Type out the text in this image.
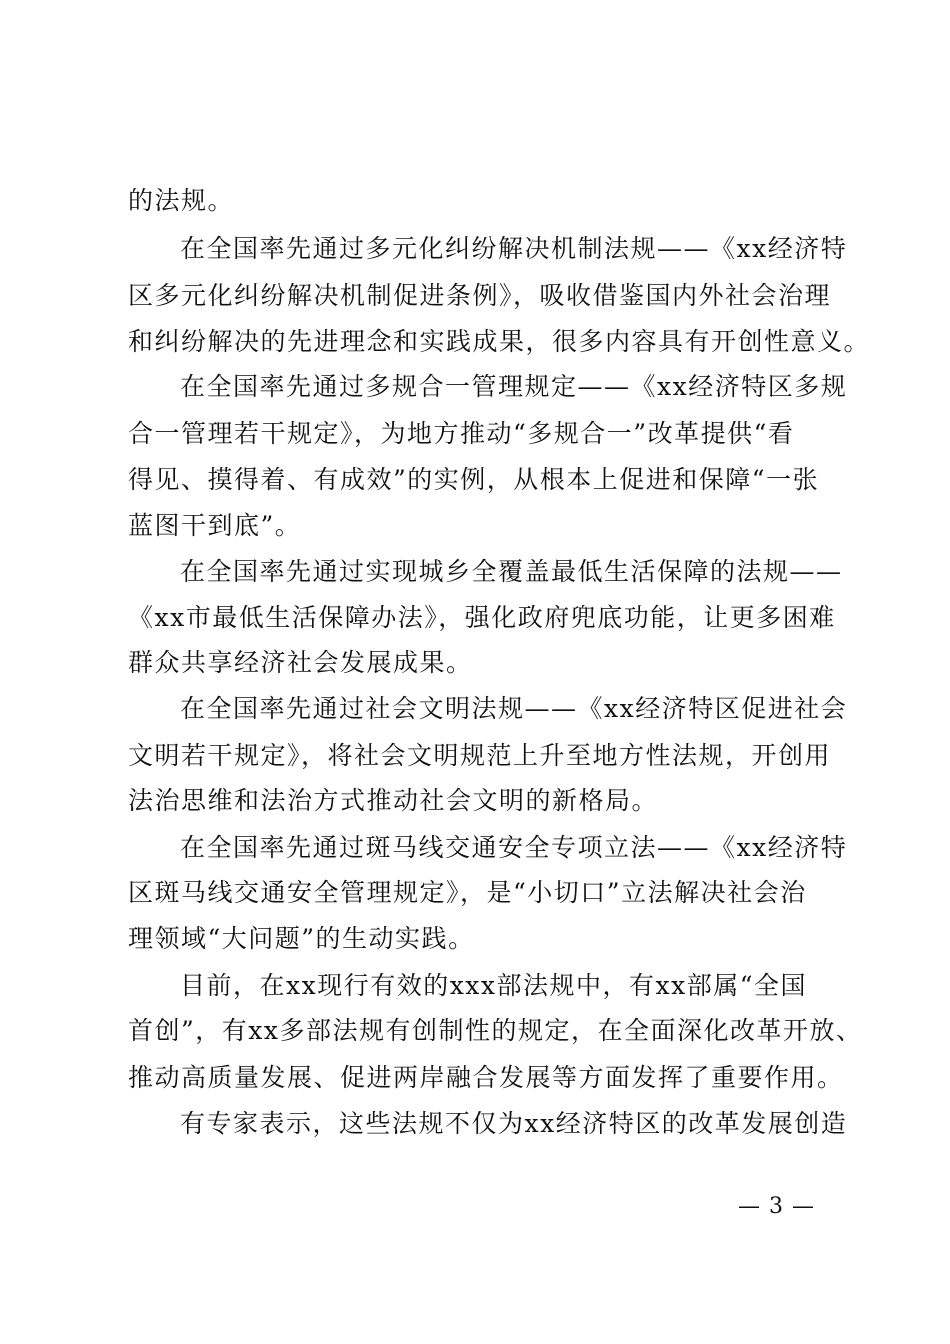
的法规。
在全国率先通过多元化纠纷解决机制法规——《xx经济特
区多元化纠纷解决机制促进条例》，吸收借鉴国内外社会治理
和纠纷解决的先进理念和实践成果，很多内容具有开创性意义。
在全国率先通过多规合一管理规定——《xx经济特区多规
合一管理若干规定》，为地方推动“多规合一”改革提供“看
得见、摸得着、有成效”的实例，从根本上促进和保障“一张
蓝图干到底”。
在全国率先通过实现城乡全覆盖最低生活保障的法规——
《xx市最低生活保障办法》，强化政府兜底功能，让更多困难
群众共享经济社会发展成果。
在全国率先通过社会文明法规——《xx经济特区促进社会
文明若干规定》，将社会文明规范上升至地方性法规，开创用
法治思维和法治方式推动社会文明的新格局。
在全国率先通过斑马线交通安全专项立法——《xx经济特
区斑马线交通安全管理规定》，是“小切口”立法解决社会治
理领域“大问题”的生动实践。
目前，在xx现行有效的xxx部法规中，有xx部属“全国
首创”，有xx多部法规有创制性的规定，在全面深化改革开放、
推动高质量发展、促进两岸融合发展等方面发挥了重要作用。
有专家表示，这些法规不仅为xx经济特区的改革发展创造
— 3 —
